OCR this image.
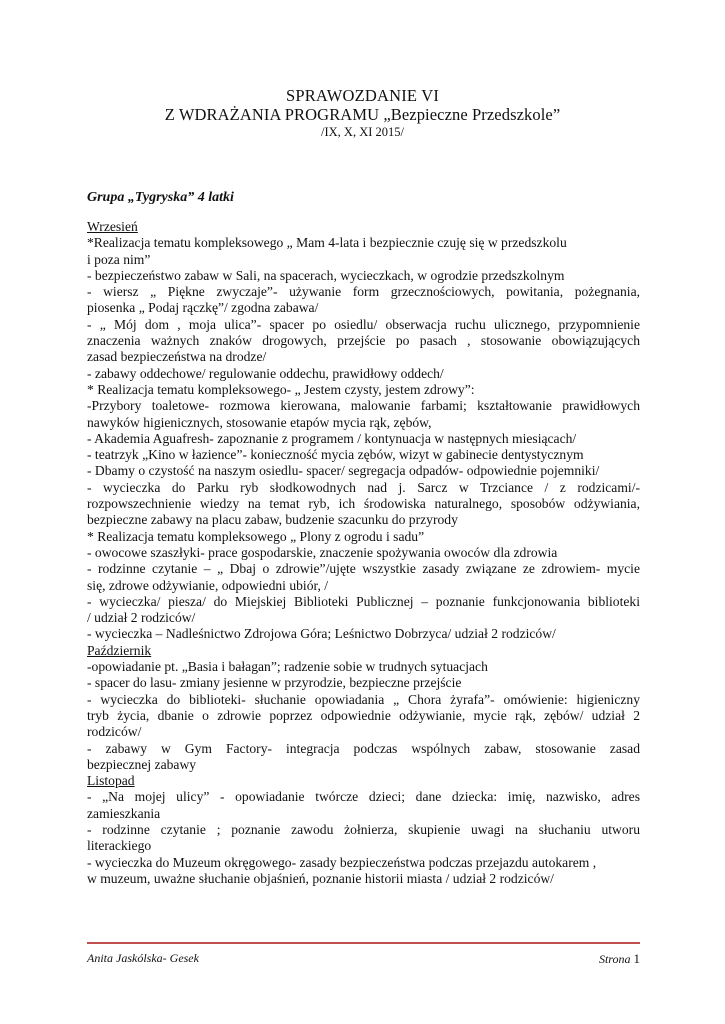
SPRAWOZDANIE VI
Z WDRAŻANIA PROGRAMU „Bezpieczne Przedszkole”
/IX, X, XI 2015/
Grupa „Tygryska” 4 latki
Wrzesień
*Realizacja tematu kompleksowego „ Mam 4-lata i bezpiecznie czuję się w przedszkolu
i poza nim”
- bezpieczeństwo zabaw w Sali, na spacerach, wycieczkach, w ogrodzie przedszkolnym
- wiersz „ Piękne zwyczaje”- używanie form grzecznościowych, powitania, pożegnania,
piosenka „ Podaj rączkę”/ zgodna zabawa/
- „ Mój dom , moja ulica”- spacer po osiedlu/ obserwacja ruchu ulicznego, przypomnienie
znaczenia ważnych znaków drogowych, przejście po pasach , stosowanie obowiązujących
zasad bezpieczeństwa na drodze/
- zabawy oddechowe/ regulowanie oddechu, prawidłowy oddech/
* Realizacja tematu kompleksowego- „ Jestem czysty, jestem zdrowy”:
-Przybory toaletowe- rozmowa kierowana, malowanie farbami; kształtowanie prawidłowych
nawyków higienicznych, stosowanie etapów mycia rąk, zębów,
- Akademia Aguafresh- zapoznanie z programem / kontynuacja w następnych miesiącach/
- teatrzyk „Kino w łazience”- konieczność mycia zębów, wizyt w gabinecie dentystycznym
- Dbamy o czystość na naszym osiedlu- spacer/ segregacja odpadów- odpowiednie pojemniki/
- wycieczka do Parku ryb słodkowodnych nad j. Sarcz w Trzciance / z rodzicami/-
rozpowszechnienie wiedzy na temat ryb, ich środowiska naturalnego, sposobów odżywiania,
bezpieczne zabawy na placu zabaw, budzenie szacunku do przyrody
* Realizacja tematu kompleksowego „ Plony z ogrodu i sadu”
- owocowe szaszłyki- prace gospodarskie, znaczenie spożywania owoców dla zdrowia
- rodzinne czytanie – „ Dbaj o zdrowie”/ujęte wszystkie zasady związane ze zdrowiem- mycie
się, zdrowe odżywianie, odpowiedni ubiór, /
- wycieczka/ piesza/ do Miejskiej Biblioteki Publicznej – poznanie funkcjonowania biblioteki
/ udział 2 rodziców/
- wycieczka – Nadleśnictwo Zdrojowa Góra; Leśnictwo Dobrzyca/ udział 2 rodziców/
Październik
-opowiadanie pt. „Basia i bałagan”; radzenie sobie w trudnych sytuacjach
- spacer do lasu- zmiany jesienne w przyrodzie, bezpieczne przejście
- wycieczka do biblioteki- słuchanie opowiadania „ Chora żyrafa”- omówienie: higieniczny
tryb życia, dbanie o zdrowie poprzez odpowiednie odżywianie, mycie rąk, zębów/ udział 2
rodziców/
- zabawy w Gym Factory- integracja podczas wspólnych zabaw, stosowanie zasad
bezpiecznej zabawy
Listopad
- „Na mojej ulicy” - opowiadanie twórcze dzieci; dane dziecka: imię, nazwisko, adres
zamieszkania
- rodzinne czytanie ; poznanie zawodu żołnierza, skupienie uwagi na słuchaniu utworu
literackiego
- wycieczka do Muzeum okręgowego- zasady bezpieczeństwa podczas przejazdu autokarem ,
w muzeum, uważne słuchanie objaśnień, poznanie historii miasta / udział 2 rodziców/
Anita Jaskólska- Gesek	Strona 1
